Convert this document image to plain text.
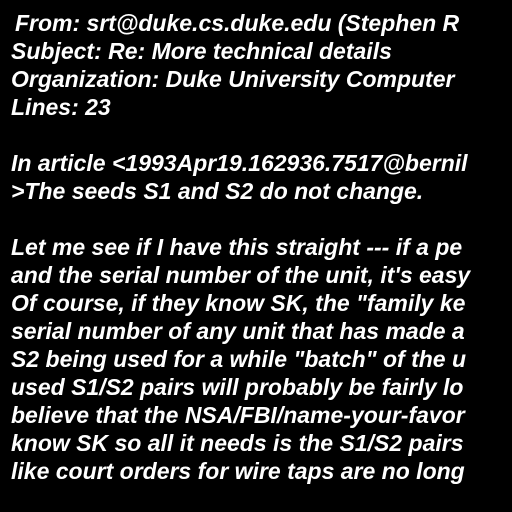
From: srt@duke.cs.duke.edu (Stephen R
Subject: Re: More technical details
Organization: Duke University Computer
Lines: 23
In article <1993Apr19.162936.7517@bernil
>The seeds S1 and S2 do not change.
Let me see if I have this straight --- if a pe
and the serial number of the unit, it's easy
Of course, if they know SK, the "family ke
serial number of any unit that has made a
S2 being used for a while "batch" of the u
used S1/S2 pairs will probably be fairly lo
believe that the NSA/FBI/name-your-favor
know SK so all it needs is the S1/S2 pairs
like court orders for wire taps are no long
